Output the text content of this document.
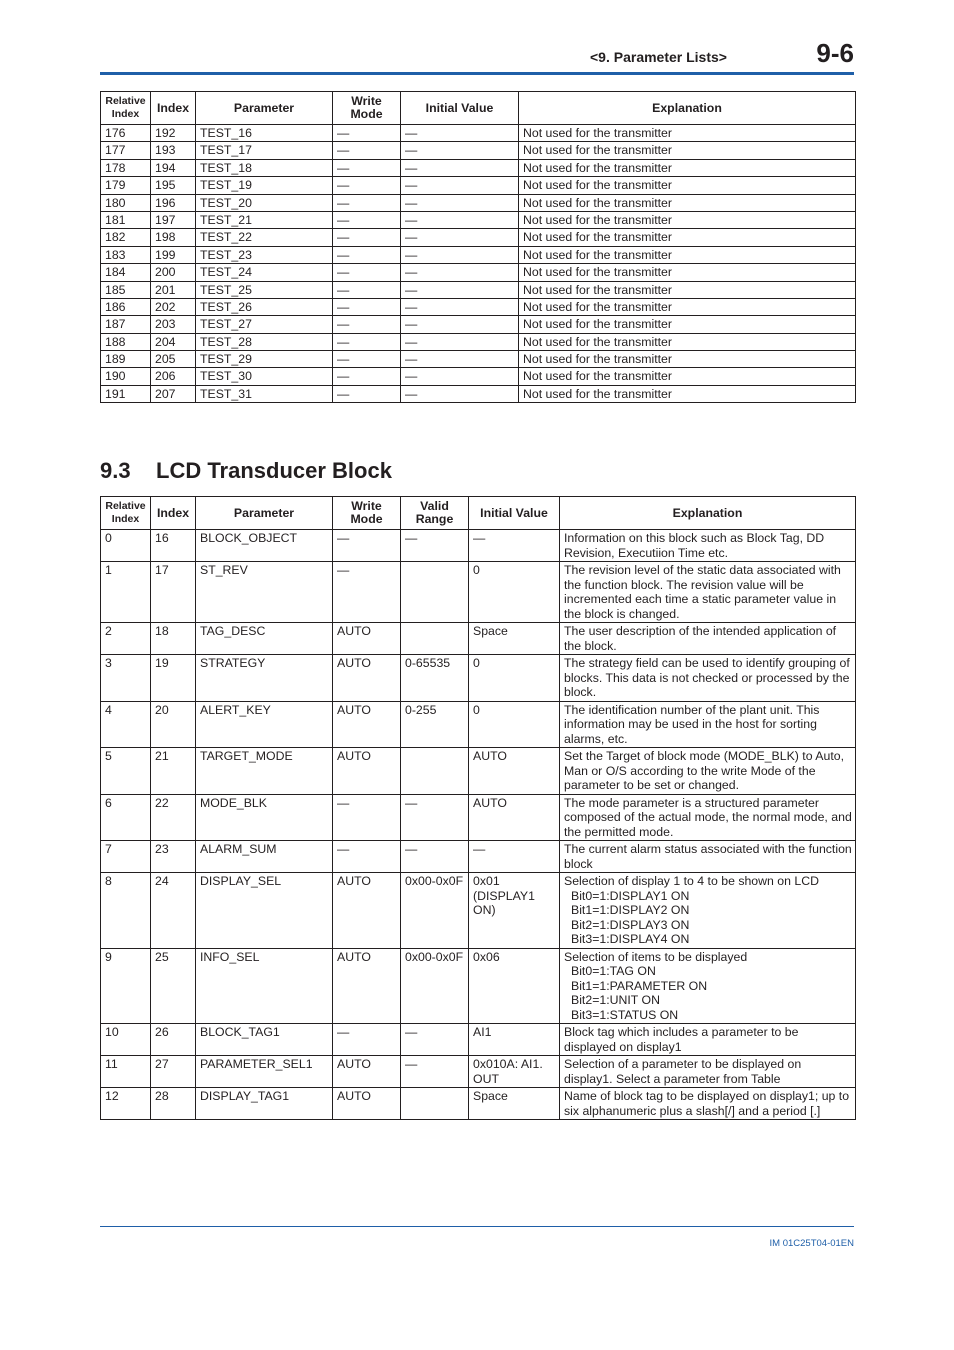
<9. Parameter Lists>	9-6
Relative Index	Index	Parameter	Write Mode	Initial Value	Explanation
176	192	TEST_16	—	—	Not used for the transmitter
177	193	TEST_17	—	—	Not used for the transmitter
178	194	TEST_18	—	—	Not used for the transmitter
179	195	TEST_19	—	—	Not used for the transmitter
180	196	TEST_20	—	—	Not used for the transmitter
181	197	TEST_21	—	—	Not used for the transmitter
182	198	TEST_22	—	—	Not used for the transmitter
183	199	TEST_23	—	—	Not used for the transmitter
184	200	TEST_24	—	—	Not used for the transmitter
185	201	TEST_25	—	—	Not used for the transmitter
186	202	TEST_26	—	—	Not used for the transmitter
187	203	TEST_27	—	—	Not used for the transmitter
188	204	TEST_28	—	—	Not used for the transmitter
189	205	TEST_29	—	—	Not used for the transmitter
190	206	TEST_30	—	—	Not used for the transmitter
191	207	TEST_31	—	—	Not used for the transmitter
9.3 LCD Transducer Block
Relative Index	Index	Parameter	Write Mode	Valid Range	Initial Value	Explanation
0	16	BLOCK_OBJECT	—	—	—	Information on this block such as Block Tag, DD Revision, Executiion Time etc.
1	17	ST_REV	—		0	The revision level of the static data associated with the function block. The revision value will be incremented each time a static parameter value in the block is changed.
2	18	TAG_DESC	AUTO		Space	The user description of the intended application of the block.
3	19	STRATEGY	AUTO	0-65535	0	The strategy field can be used to identify grouping of blocks. This data is not checked or processed by the block.
4	20	ALERT_KEY	AUTO	0-255	0	The identification number of the plant unit. This information may be used in the host for sorting alarms, etc.
5	21	TARGET_MODE	AUTO		AUTO	Set the Target of block mode (MODE_BLK) to Auto, Man or O/S according to the write Mode of the parameter to be set or changed.
6	22	MODE_BLK	—	—	AUTO	The mode parameter is a structured parameter composed of the actual mode, the normal mode, and the permitted mode.
7	23	ALARM_SUM	—	—	—	The current alarm status associated with the function block
8	24	DISPLAY_SEL	AUTO	0x00-0x0F	0x01 (DISPLAY1 ON)	Selection of display 1 to 4 to be shown on LCD
Bit0=1:DISPLAY1 ON
Bit1=1:DISPLAY2 ON
Bit2=1:DISPLAY3 ON
Bit3=1:DISPLAY4 ON

9	25	INFO_SEL	AUTO	0x00-0x0F	0x06	Selection of items to be displayed
Bit0=1:TAG ON
Bit1=1:PARAMETER ON
Bit2=1:UNIT ON
Bit3=1:STATUS ON

10	26	BLOCK_TAG1	—	—	AI1	Block tag which includes a parameter to be displayed on display1
11	27	PARAMETER_SEL1	AUTO	—	0x010A: AI1. OUT	Selection of a parameter to be displayed on display1. Select a parameter from Table
12	28	DISPLAY_TAG1	AUTO		Space	Name of block tag to be displayed on display1; up to six alphanumeric plus a slash[/] and a period [.]
IM 01C25T04-01EN
